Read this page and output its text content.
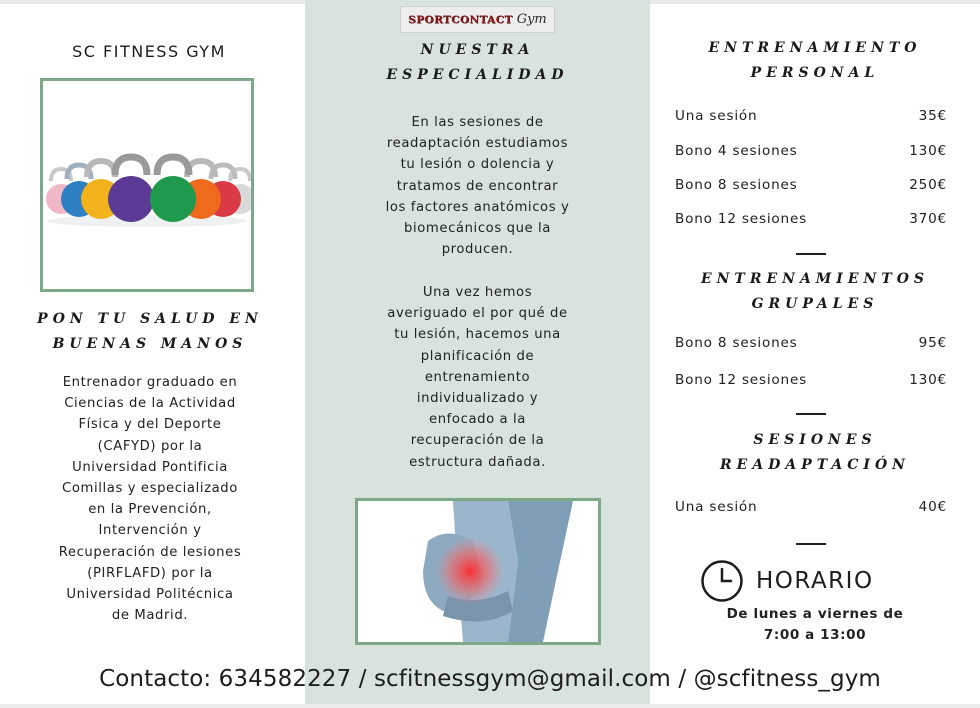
SPORTCONTACT Gym
SC FITNESS GYM
PON TU SALUD EN
BUENAS MANOS
Entrenador graduado en
Ciencias de la Actividad
Física y del Deporte
(CAFYD) por la
Universidad Pontificia
Comillas y especializado
en la Prevención,
Intervención y
Recuperación de lesiones
(PIRFLAFD) por la
Universidad Politécnica
de Madrid.
NUESTRA
ESPECIALIDAD
En las sesiones de
readaptación estudiamos
tu lesión o dolencia y
tratamos de encontrar
los factores anatómicos y
biomecánicos que la
producen.
Una vez hemos
averiguado el por qué de
tu lesión, hacemos una
planificación de
entrenamiento
individualizado y
enfocado a la
recuperación de la
estructura dañada.
ENTRENAMIENTO
PERSONAL
Una sesión	35€
Bono 4 sesiones	130€
Bono 8 sesiones	250€
Bono 12 sesiones	370€
ENTRENAMIENTOS
GRUPALES
Bono 8 sesiones	95€
Bono 12 sesiones	130€
SESIONES
READAPTACIÓN
Una sesión	40€
HORARIO
De lunes a viernes de
7:00 a 13:00
Contacto: 634582227 / scfitnessgym@gmail.com / @scfitness_gym
